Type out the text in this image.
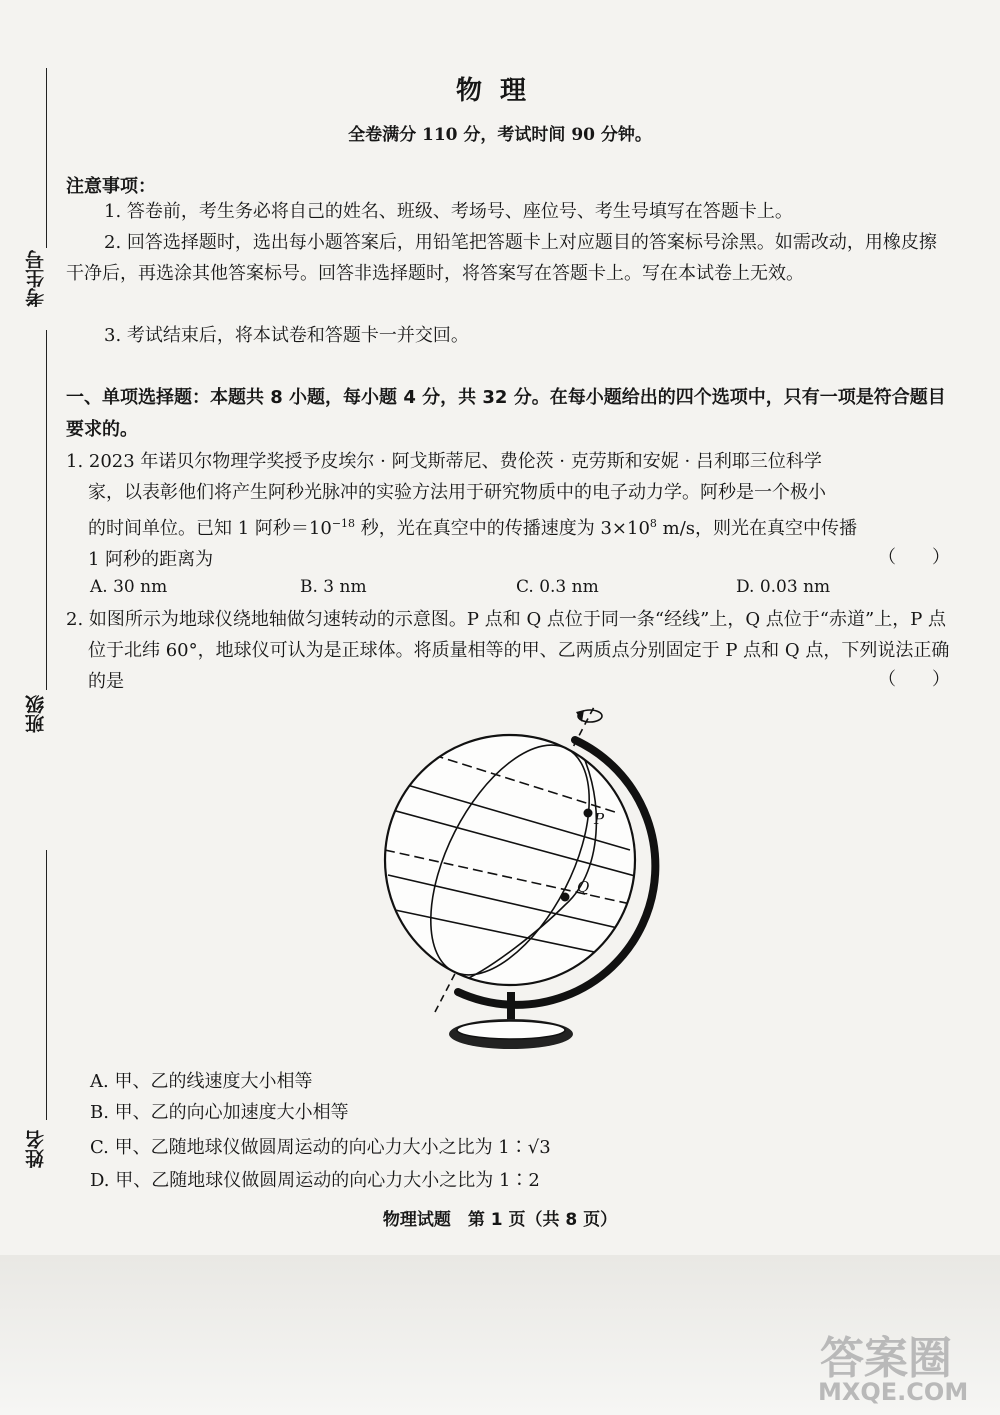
考生号
班级
姓名
物理
全卷满分 110 分，考试时间 90 分钟。
注意事项：
1. 答卷前，考生务必将自己的姓名、班级、考场号、座位号、考生号填写在答题卡上。
2. 回答选择题时，选出每小题答案后，用铅笔把答题卡上对应题目的答案标号涂黑。如需改动，用橡皮擦干净后，再选涂其他答案标号。回答非选择题时，将答案写在答题卡上。写在本试卷上无效。
3. 考试结束后，将本试卷和答题卡一并交回。
一、单项选择题：本题共 8 小题，每小题 4 分，共 32 分。在每小题给出的四个选项中，只有一项是符合题目要求的。
1. 2023 年诺贝尔物理学奖授予皮埃尔 · 阿戈斯蒂尼、费伦茨 · 克劳斯和安妮 · 吕利耶三位科学
家，以表彰他们将产生阿秒光脉冲的实验方法用于研究物质中的电子动力学。阿秒是一个极小
的时间单位。已知 1 阿秒$=10^{-18}$ 秒，光在真空中的传播速度为 $3\times 10^8$ m/s，则光在真空中传播
1 阿秒的距离为	（　　）
A. 30 nm	B. 3 nm	C. 0.3 nm	D. 0.03 nm
2. 如图所示为地球仪绕地轴做匀速转动的示意图。P 点和 Q 点位于同一条“经线”上，Q 点位于“赤道”上，P 点位于北纬 60°，地球仪可认为是正球体。将质量相等的甲、乙两质点分别固定于 P 点和 Q 点，下列说法正确的是	（　　）
P
Q
A. 甲、乙的线速度大小相等
B. 甲、乙的向心加速度大小相等
C. 甲、乙随地球仪做圆周运动的向心力大小之比为 1∶√3
D. 甲、乙随地球仪做圆周运动的向心力大小之比为 1∶2
物理试题　第 1 页（共 8 页）
答案圈
MXQE.COM
